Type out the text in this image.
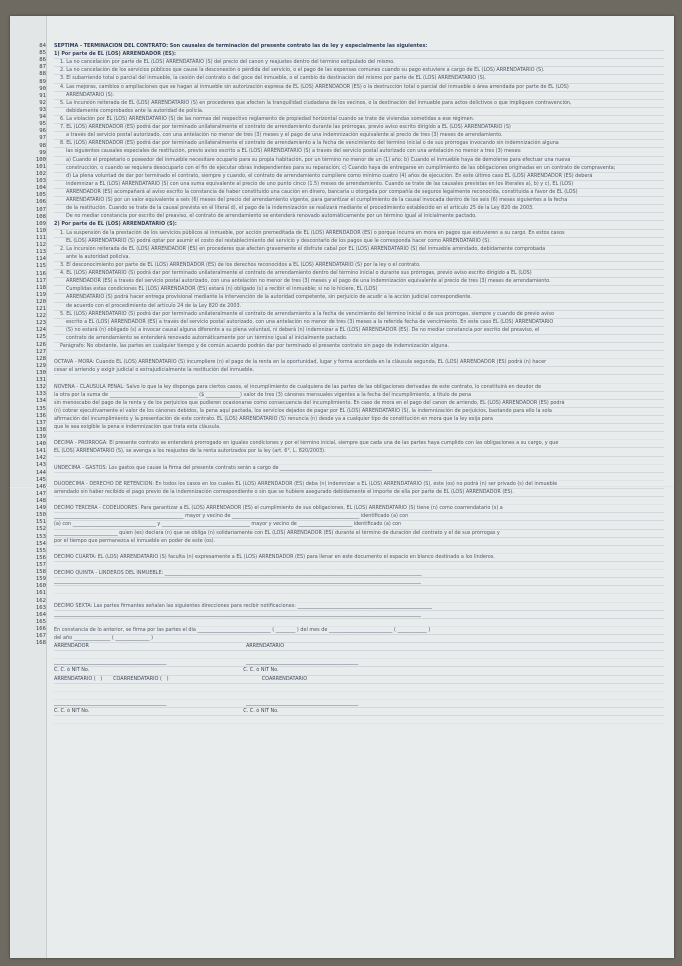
84
85
86
87
88
89
90
91
92
93
94
95
96
97
98
99
100
101
102
103
104
105
106
107
108
109
110
111
112
113
114
115
116
117
118
119
120
121
122
123
124
125
126
127
128
129
130
131
132
133
134
135
136
137
138
139
140
141
142
143
144
145
146
147
148
149
150
151
152
153
154
155
156
157
158
159
160
161
162
163
164
165
166
167
168
SEPTIMA - TERMINACIÓN DEL CONTRATO: Son causales de terminación del presente contrato las de ley y especialmente las siguientes:
1) Por parte de EL (LOS) ARRENDADOR (ES):
1. La no cancelación por parte de EL (LOS) ARRENDATARIO (S) del precio del canon y reajustes dentro del término estipulado del mismo.
2. La no cancelación de los servicios públicos que cause la desconexión o pérdida del servicio, o el pago de las expensas comunes cuando su pago estuviere a cargo de EL (LOS) ARRENDATARIO (S).
3. El subarriendo total o parcial del inmueble, la cesión del contrato o del goce del inmueble, o el cambio de destinación del mismo por parte de EL (LOS) ARRENDATARIO (S).
4. Las mejoras, cambios o ampliaciones que se hagan al inmueble sin autorización expresa de EL (LOS) ARRENDADOR (ES) o la destrucción total o parcial del inmueble o área arrendada por parte de EL (LOS)
ARRENDATARIO (S).
5. La incursión reiterada de EL (LOS) ARRENDATARIO (S) en procederes que afecten la tranquilidad ciudadana de los vecinos, o la destinación del inmueble para actos delictivos o que impliquen contravención,
debidamente comprobados ante la autoridad de policía.
6. La violación por EL (LOS) ARRENDATARIO (S) de las normas del respectivo reglamento de propiedad horizontal cuando se trate de viviendas sometidas a ese régimen.
7. EL (LOS) ARRENDADOR (ES) podrá dar por terminado unilateralmente el contrato de arrendamiento durante las prórrogas, previo aviso escrito dirigido a EL (LOS) ARRENDATARIO (S)
a través del servicio postal autorizado, con una antelación no menor de tres (3) meses y el pago de una indemnización equivalente al precio de tres (3) meses de arrendamiento.
8. EL (LOS) ARRENDADOR (ES) podrá dar por terminado unilateralmente el contrato de arrendamiento a la fecha de vencimiento del término inicial o de sus prórrogas invocando sin indemnización alguna
las siguientes causales especiales de restitución, previo aviso escrito a EL (LOS) ARRENDATARIO (S) a través del servicio postal autorizado con una antelación no menor a tres (3) meses:
a) Cuando el propietario o poseedor del inmueble necesitare ocuparlo para su propia habitación, por un término no menor de un (1) año; b) Cuando el inmueble haya de demolerse para efectuar una nueva
construcción, o cuando se requiera desocuparlo con el fin de ejecutar obras independientes para su reparación; c) Cuando haya de entregarse en cumplimiento de las obligaciones originadas en un contrato de compraventa;
d) La plena voluntad de dar por terminado el contrato, siempre y cuando, el contrato de arrendamiento cumpliere como mínimo cuatro (4) años de ejecución. En este último caso EL (LOS) ARRENDADOR (ES) deberá
indemnizar a EL (LOS) ARRENDATARIO (S) con una suma equivalente al precio de uno punto cinco (1.5) meses de arrendamiento. Cuando se trate de las causales previstas en los literales a), b) y c), EL (LOS)
ARRENDADOR (ES) acompañará al aviso escrito la constancia de haber constituido una caución en dinero, bancaria u otorgada por compañía de seguros legalmente reconocida, constituida a favor de EL (LOS)
ARRENDATARIO (S) por un valor equivalente a seis (6) meses del precio del arrendamiento vigente, para garantizar el cumplimiento de la causal invocada dentro de los seis (6) meses siguientes a la fecha
de la restitución. Cuando se trate de la causal prevista en el literal d), el pago de la indemnización se realizará mediante el procedimiento establecido en el artículo 25 de la Ley 820 de 2003.
De no mediar constancia por escrito del preaviso, el contrato de arrendamiento se entenderá renovado automáticamente por un término igual al inicialmente pactado.
2) Por parte de EL (LOS) ARRENDATARIO (S):
1. La suspensión de la prestación de los servicios públicos al inmueble, por acción premeditada de EL (LOS) ARRENDADOR (ES) o porque incurra en mora en pagos que estuvieren a su cargo. En estos casos
EL (LOS) ARRENDATARIO (S) podrá optar por asumir el costo del restablecimiento del servicio y descontarlo de los pagos que le corresponda hacer como ARRENDATARIO (S).
2. La incursión reiterada de EL (LOS) ARRENDADOR (ES) en procederes que afecten gravemente el disfrute cabal por EL (LOS) ARRENDATARIO (S) del inmueble arrendado, debidamente comprobada
ante la autoridad policiva.
3. El desconocimiento por parte de EL (LOS) ARRENDADOR (ES) de los derechos reconocidos a EL (LOS) ARRENDATARIO (S) por la ley o el contrato.
4. EL (LOS) ARRENDATARIO (S) podrá dar por terminado unilateralmente el contrato de arrendamiento dentro del término inicial o durante sus prórrogas, previo aviso escrito dirigido a EL (LOS)
ARRENDADOR (ES) a través del servicio postal autorizado, con una antelación no menor de tres (3) meses y el pago de una indemnización equivalente al precio de tres (3) meses de arrendamiento.
Cumplidas estas condiciones EL (LOS) ARRENDADOR (ES) estará (n) obligado (s) a recibir el inmueble; si no lo hiciere, EL (LOS)
ARRENDATARIO (S) podrá hacer entrega provisional mediante la intervención de la autoridad competente, sin perjuicio de acudir a la acción judicial correspondiente.
de acuerdo con el procedimiento del artículo 24 de la Ley 820 de 2003.
5. EL (LOS) ARRENDATARIO (S) podrá dar por terminado unilateralmente el contrato de arrendamiento a la fecha de vencimiento del término inicial o de sus prórrogas, siempre y cuando dé previo aviso
escrito a EL (LOS) ARRENDADOR (ES) a través del servicio postal autorizado, con una antelación no menor de tres (3) meses a la referida fecha de vencimiento. En este caso EL (LOS) ARRENDATARIO
(S) no estará (n) obligado (s) a invocar causal alguna diferente a su plena voluntad, ni deberá (n) indemnizar a EL (LOS) ARRENDADOR (ES). De no mediar constancia por escrito del preaviso, el
contrato de arrendamiento se entenderá renovado automáticamente por un término igual al inicialmente pactado.
Parágrafo: No obstante, las partes en cualquier tiempo y de común acuerdo podrán dar por terminado el presente contrato sin pago de indemnización alguna.
OCTAVA - MORA: Cuando EL (LOS) ARRENDATARIO (S) incumpliere (n) el pago de la renta en la oportunidad, lugar y forma acordada en la cláusula segunda, EL (LOS) ARRENDADOR (ES) podrá (n) hacer
cesar el arriendo y exigir judicial o extrajudicialmente la restitución del inmueble.
NOVENA - CLÁUSULA PENAL: Salvo lo que la ley disponga para ciertos casos, el incumplimiento de cualquiera de las partes de las obligaciones derivadas de este contrato, lo constituirá en deudor de
la otra por la suma de ____________________________________ ($ ______________) valor de tres (3) cánones mensuales vigentes a la fecha del incumplimiento, a título de pena
sin menoscabo del pago de la renta y de los perjuicios que pudieren ocasionarse como consecuencia del incumplimiento. En caso de mora en el pago del canon de arriendo, EL (LOS) ARRENDADOR (ES) podrá
(n) cobrar ejecutivamente el valor de los cánones debidos, la pena aquí pactada, los servicios dejados de pagar por EL (LOS) ARRENDATARIO (S), la indemnización de perjuicios, bastando para ello la sola
afirmación del incumplimiento y la presentación de este contrato. EL (LOS) ARRENDATARIO (S) renuncia (n) desde ya a cualquier tipo de constitución en mora que la ley exija para
que le sea exigible la pena e indemnización que trata esta cláusula.
DÉCIMA - PRÓRROGA: El presente contrato se entenderá prorrogado en iguales condiciones y por el término inicial, siempre que cada una de las partes haya cumplido con las obligaciones a su cargo, y que
EL (LOS) ARRENDATARIO (S), se avenga a los reajustes de la renta autorizados por la ley (art. 6°, L. 820/2003).
UNDÉCIMA - GASTOS: Los gastos que cause la firma del presente contrato serán a cargo de ______________________________________________________________
DUODÉCIMA - DERECHO DE RETENCIÓN: En todos los casos en los cuales EL (LOS) ARRENDADOR (ES) deba (n) indemnizar a EL (LOS) ARRENDATARIO (S), éste (os) no podrá (n) ser privado (s) del inmueble
arrendado sin haber recibido el pago previo de la indemnización correspondiente o sin que se hubiere asegurado debidamente el importe de ella por parte de EL (LOS) ARRENDADOR (ES).
DÉCIMO TERCERA - CODEUDORES: Para garantizar a EL (LOS) ARRENDADOR (ES) el cumplimiento de sus obligaciones, EL (LOS) ARRENDATARIO (S) tiene (n) como coarrendatario (s) a
_____________________________________________________ mayor y vecino de ____________________________________________________ identificado (a) con
(a) con __________________________________ y ____________________________________ mayor y vecino de ______________________ identificado (a) con
__________________________ quien (es) declara (n) que se obliga (n) solidariamente con EL (LOS) ARRENDADOR (ES) durante el término de duración del contrato y el de sus prórrogas y
por el tiempo que permanezca el inmueble en poder de este (os).
DÉCIMO CUARTA: EL (LOS) ARRENDATARIO (S) faculta (n) expresamente a EL (LOS) ARRENDADOR (ES) para llenar en este documento el espacio en blanco destinado a los linderos.
DÉCIMO QUINTA - LINDEROS DEL INMUEBLE: _________________________________________________________________________________________________________
______________________________________________________________________________________________________________________________________________________
DÉCIMO SEXTA: Las partes firmantes señalan las siguientes direcciones para recibir notificaciones: _______________________________________________________
______________________________________________________________________________________________________________________________________________________
En constancia de lo anterior, se firma por las partes el día ______________________________ ( ________ ) del mes de __________________________ ( ____________ )
del año _______________ ( ______________ )
ARRENDADOR                                                                                                     ARRENDATARIO
______________________________________________                                                   ______________________________________________
C. C. ó NIT No.                                                                                                   C. C. ó NIT No.
ARRENDATARIO (   )       COARRENDATARIO (   )                                                            COARRENDATARIO
______________________________________________                                                   ______________________________________________
C. C. ó NIT No.                                                                                                   C. C. ó NIT No.
